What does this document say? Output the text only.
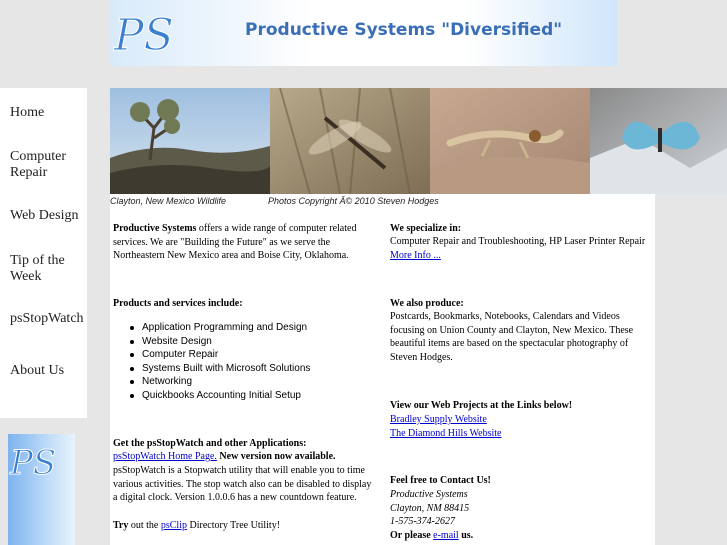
PS	Productive Systems "Diversified"
Home
Computer Repair
Web Design
Tip of the Week
psStopWatch
About Us
PS
Clayton, New Mexico Wildlife	Photos Copyright Â© 2010 Steven Hodges
Productive Systems offers a wide range of computer related services. We are "Building the Future" as we serve the Northeastern New Mexico area and Boise City, Oklahoma.
We specialize in:
Computer Repair and Troubleshooting, HP Laser Printer Repair
More Info ...
Products and services include:
Application Programming and Design
Website Design
Computer Repair
Systems Built with Microsoft Solutions
Networking
Quickbooks Accounting Initial Setup
We also produce:
Postcards, Bookmarks, Notebooks, Calendars and Videos focusing on Union County and Clayton, New Mexico. These beautiful items are based on the spectacular photography of Steven Hodges.
View our Web Projects at the Links below!
Bradley Supply Website
The Diamond Hills Website
Get the psStopWatch and other Applications:
psStopWatch Home Page. New version now available.
psStopWatch is a Stopwatch utility that will enable you to time various activities. The stop watch also can be disabled to display a digital clock. Version 1.0.0.6 has a new countdown feature.
Try out the psClip Directory Tree Utility!
Feel free to Contact Us!
Productive Systems
Clayton, NM 88415
1-575-374-2627
Or please e-mail us.
